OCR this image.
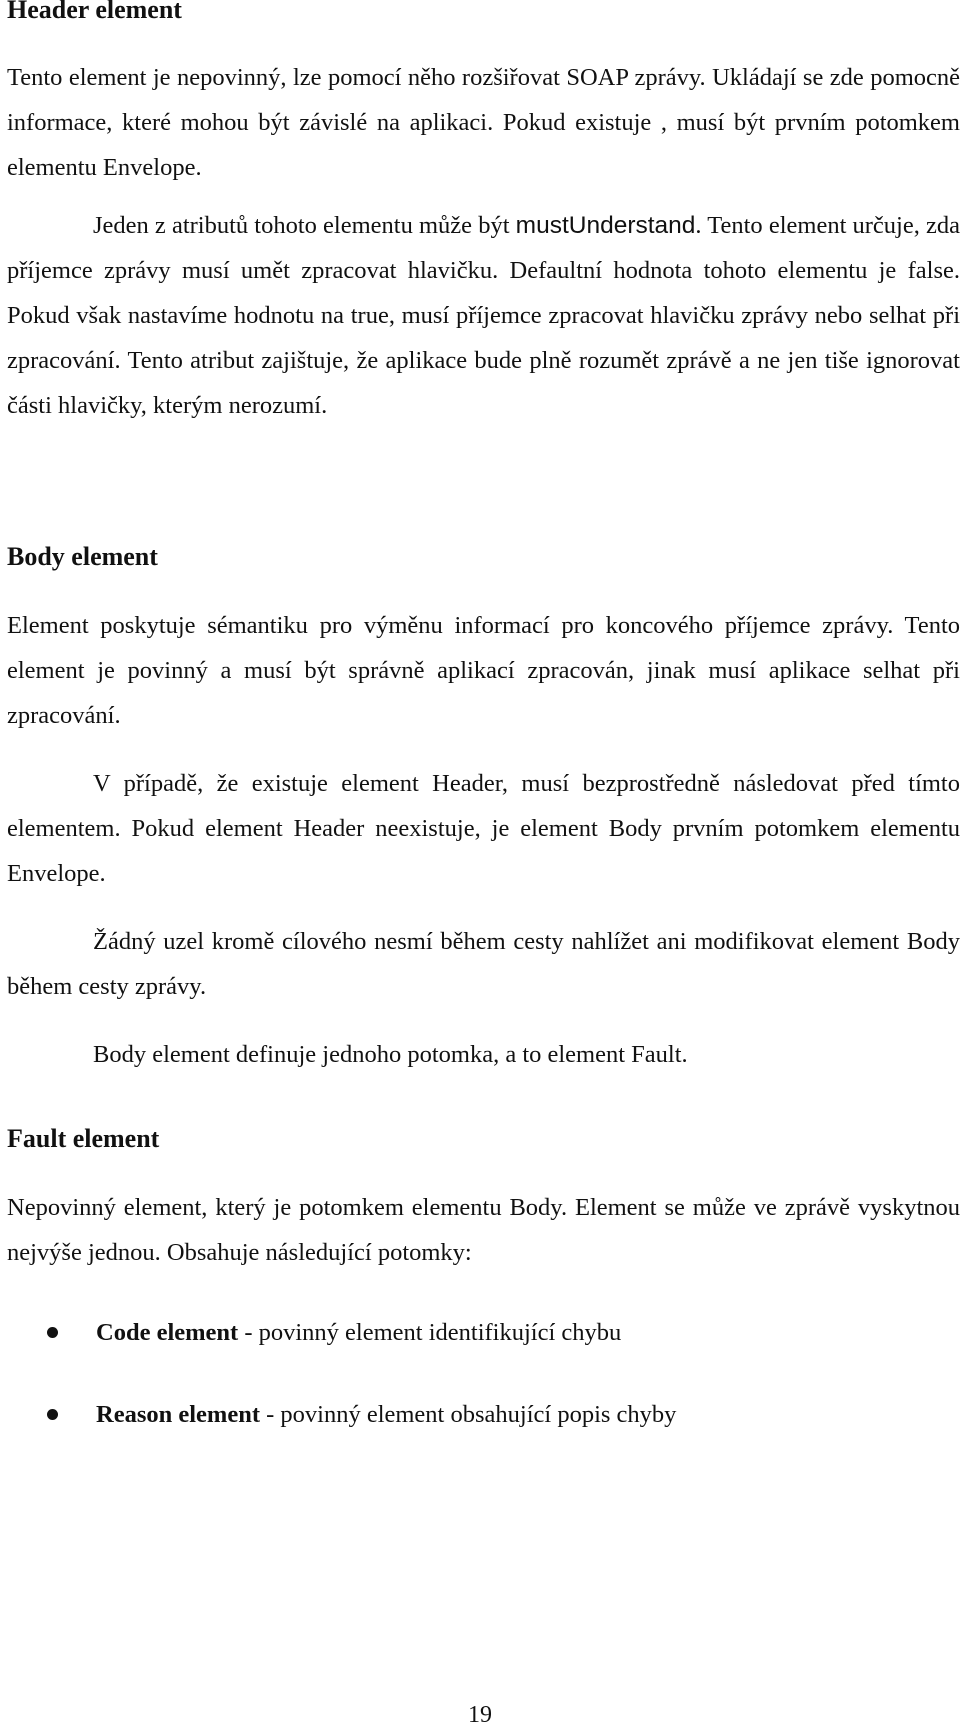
Header element

Tento element je nepovinný, lze pomocí něho rozšiřovat SOAP zprávy. Ukládají se zde pomocně informace, které mohou být závislé na aplikaci. Pokud existuje , musí být prvním potomkem elementu Envelope.

Jeden z atributů tohoto elementu může být mustUnderstand. Tento element určuje, zda příjemce zprávy musí umět zpracovat hlavičku. Defaultní hodnota tohoto elementu je false. Pokud však nastavíme hodnotu na true, musí příjemce zpracovat hlavičku zprávy nebo selhat při zpracování. Tento atribut zajištuje, že aplikace bude plně rozumět zprávě a ne jen tiše ignorovat části hlavičky, kterým nerozumí.

Body element

Element poskytuje sémantiku pro výměnu informací pro koncového příjemce zprávy. Tento element je povinný a musí být správně aplikací zpracován, jinak musí aplikace selhat při zpracování.

V případě, že existuje element Header, musí bezprostředně následovat před tímto elementem. Pokud element Header neexistuje, je element Body prvním potomkem elementu Envelope.

Žádný uzel kromě cílového nesmí během cesty nahlížet ani modifikovat element Body během cesty zprávy.

Body element definuje jednoho potomka, a to element Fault.

Fault element

Nepovinný element, který je potomkem elementu Body. Element se může ve zprávě vyskytnou nejvýše jednou. Obsahuje následující potomky:

Code element - povinný element identifikující chybu
Reason element - povinný element obsahující popis chyby
19
